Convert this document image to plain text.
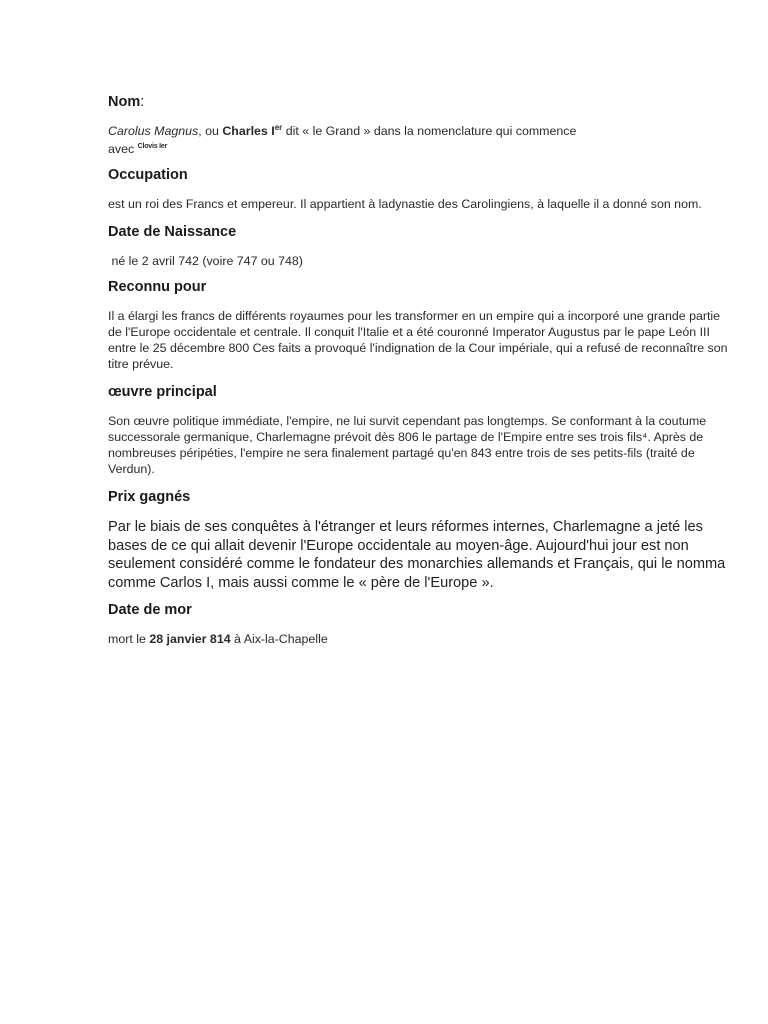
Nom:

Carolus Magnus, ou Charles Ier dit « le Grand » dans la nomenclature qui commence
avec $^{Clovis Ier}$

Occupation

est un roi des Francs et empereur. Il appartient à ladynastie des Carolingiens, à laquelle il a donné son nom.

Date de Naissance

né le 2 avril 742 (voire 747 ou 748)

Reconnu pour

Il a élargi les francs de différents royaumes pour les transformer en un empire qui a incorporé une grande partie de l'Europe occidentale et centrale. Il conquit l'Italie et a été couronné Imperator Augustus par le pape León III entre le 25 décembre 800 Ces faits a provoqué l'indignation de la Cour impériale, qui a refusé de reconnaître son titre prévue.

œuvre principal

Son œuvre politique immédiate, l'empire, ne lui survit cependant pas longtemps. Se conformant à la coutume successorale germanique, Charlemagne prévoit dès 806 le partage de l'Empire entre ses trois fils⁴. Après de nombreuses péripéties, l'empire ne sera finalement partagé qu'en 843 entre trois de ses petits-fils (traité de Verdun).

Prix gagnés

Par le biais de ses conquêtes à l'étranger et leurs réformes internes, Charlemagne a jeté les bases de ce qui allait devenir l'Europe occidentale au moyen-âge. Aujourd'hui jour est non seulement considéré comme le fondateur des monarchies allemands et Français, qui le nomma comme Carlos I, mais aussi comme le « père de l'Europe ».

Date de mor

mort le 28 janvier 814 à Aix-la-Chapelle
